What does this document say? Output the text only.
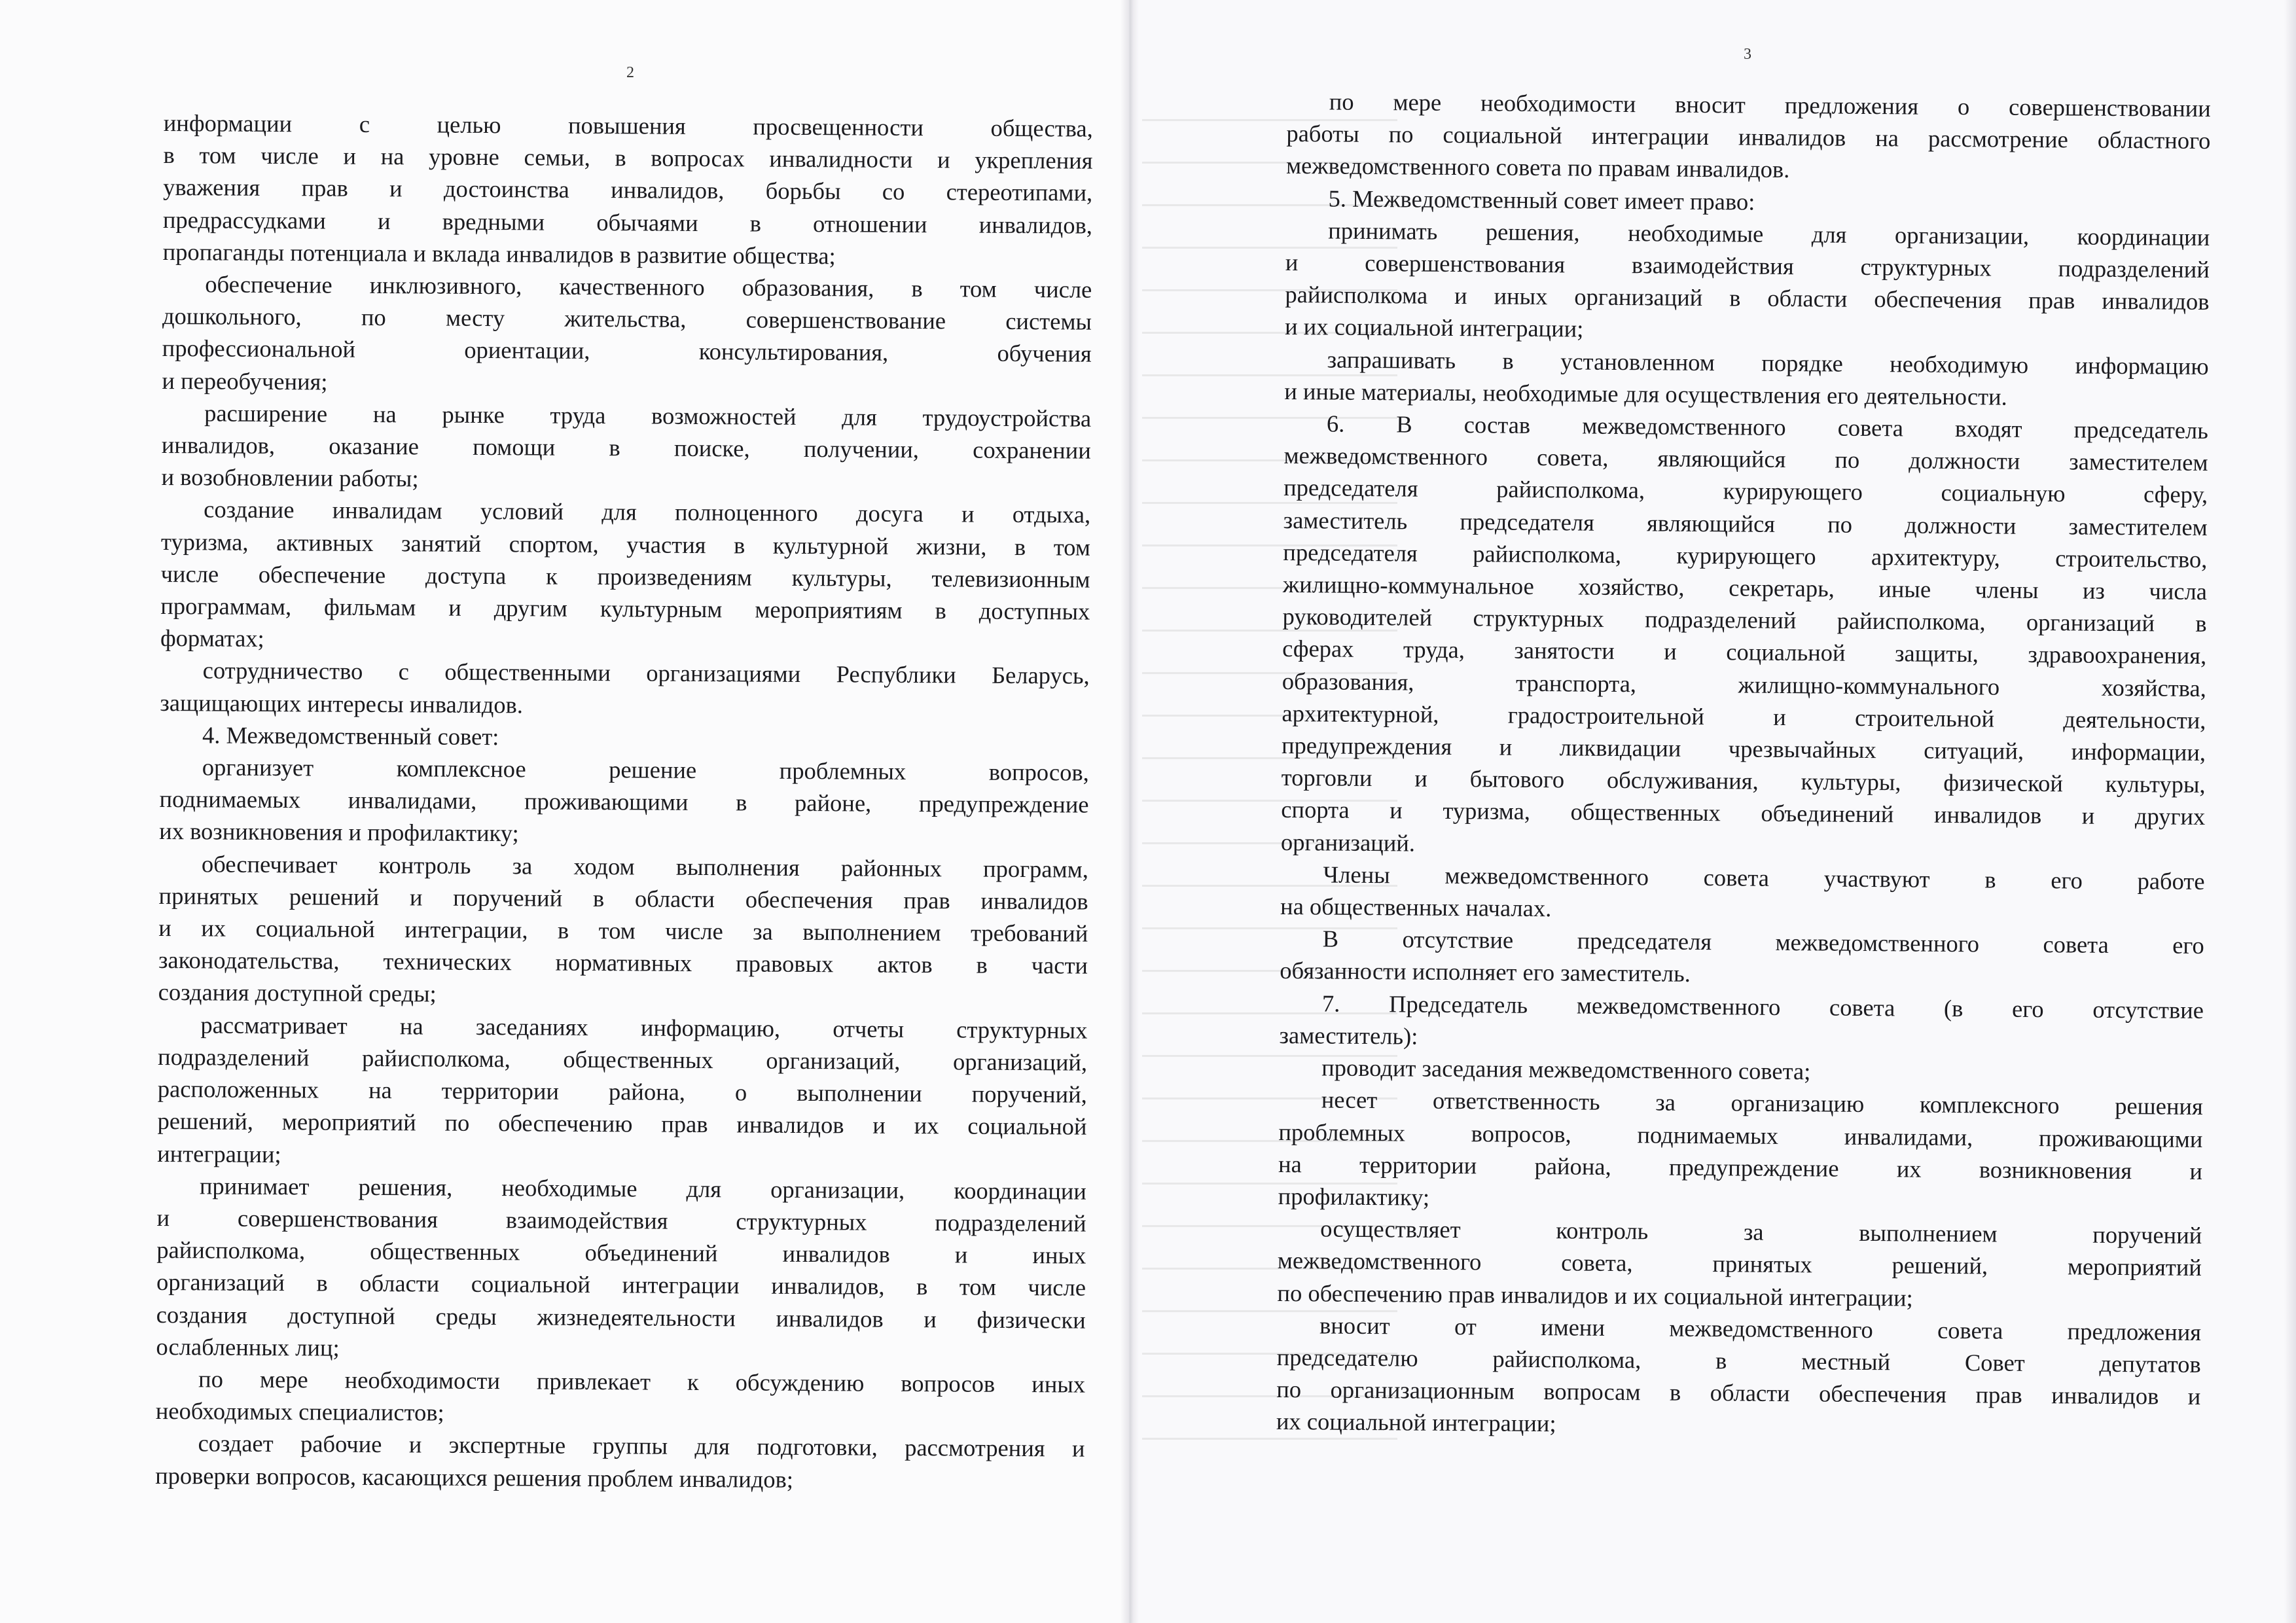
2
3

информации с целью повышения просвещенности общества,

в том числе и на уровне семьи, в вопросах инвалидности и укрепления

уважения прав и достоинства инвалидов, борьбы со стереотипами,

предрассудками и вредными обычаями в отношении инвалидов,

пропаганды потенциала и вклада инвалидов в развитие общества;

обеспечение инклюзивного, качественного образования, в том числе

дошкольного, по месту жительства, совершенствование системы

профессиональной ориентации, консультирования, обучения

и переобучения;

расширение на рынке труда возможностей для трудоустройства

инвалидов, оказание помощи в поиске, получении, сохранении

и возобновлении работы;

создание инвалидам условий для полноценного досуга и отдыха,

туризма, активных занятий спортом, участия в культурной жизни, в том

числе обеспечение доступа к произведениям культуры, телевизионным

программам, фильмам и другим культурным мероприятиям в доступных

форматах;

сотрудничество с общественными организациями Республики Беларусь,

защищающих интересы инвалидов.

4. Межведомственный совет:

организует комплексное решение проблемных вопросов,

поднимаемых инвалидами, проживающими в районе, предупреждение

их возникновения и профилактику;

обеспечивает контроль за ходом выполнения районных программ,

принятых решений и поручений в области обеспечения прав инвалидов

и их социальной интеграции, в том числе за выполнением требований

законодательства, технических нормативных правовых актов в части

создания доступной среды;

рассматривает на заседаниях информацию, отчеты структурных

подразделений райисполкома, общественных организаций, организаций,

расположенных на территории района, о выполнении поручений,

решений, мероприятий по обеспечению прав инвалидов и их социальной

интеграции;

принимает решения, необходимые для организации, координации

и совершенствования взаимодействия структурных подразделений

райисполкома, общественных объединений инвалидов и иных

организаций в области социальной интеграции инвалидов, в том числе

создания доступной среды жизнедеятельности инвалидов и физически

ослабленных лиц;

по мере необходимости привлекает к обсуждению вопросов иных

необходимых специалистов;

создает рабочие и экспертные группы для подготовки, рассмотрения и

проверки вопросов, касающихся решения проблем инвалидов;

по мере необходимости вносит предложения о совершенствовании

работы по социальной интеграции инвалидов на рассмотрение областного

межведомственного совета по правам инвалидов.

5. Межведомственный совет имеет право:

принимать решения, необходимые для организации, координации

и совершенствования взаимодействия структурных подразделений

райисполкома и иных организаций в области обеспечения прав инвалидов

и их социальной интеграции;

запрашивать в установленном порядке необходимую информацию

и иные материалы, необходимые для осуществления его деятельности.

6. В состав межведомственного совета входят председатель

межведомственного совета, являющийся по должности заместителем

председателя райисполкома, курирующего социальную сферу,

заместитель председателя являющийся по должности заместителем

председателя райисполкома, курирующего архитектуру, строительство,

жилищно-коммунальное хозяйство, секретарь, иные члены из числа

руководителей структурных подразделений райисполкома, организаций в

сферах труда, занятости и социальной защиты, здравоохранения,

образования, транспорта, жилищно-коммунального хозяйства,

архитектурной, градостроительной и строительной деятельности,

предупреждения и ликвидации чрезвычайных ситуаций, информации,

торговли и бытового обслуживания, культуры, физической культуры,

спорта и туризма, общественных объединений инвалидов и других

организаций.

Члены межведомственного совета участвуют в его работе

на общественных началах.

В отсутствие председателя межведомственного совета его

обязанности исполняет его заместитель.

7. Председатель межведомственного совета (в его отсутствие

заместитель):

проводит заседания межведомственного совета;

несет ответственность за организацию комплексного решения

проблемных вопросов, поднимаемых инвалидами, проживающими

на территории района, предупреждение их возникновения и

профилактику;

осуществляет контроль за выполнением поручений

межведомственного совета, принятых решений, мероприятий

по обеспечению прав инвалидов и их социальной интеграции;

вносит от имени межведомственного совета предложения

председателю райисполкома, в местный Совет депутатов

по организационным вопросам в области обеспечения прав инвалидов и

их социальной интеграции;
